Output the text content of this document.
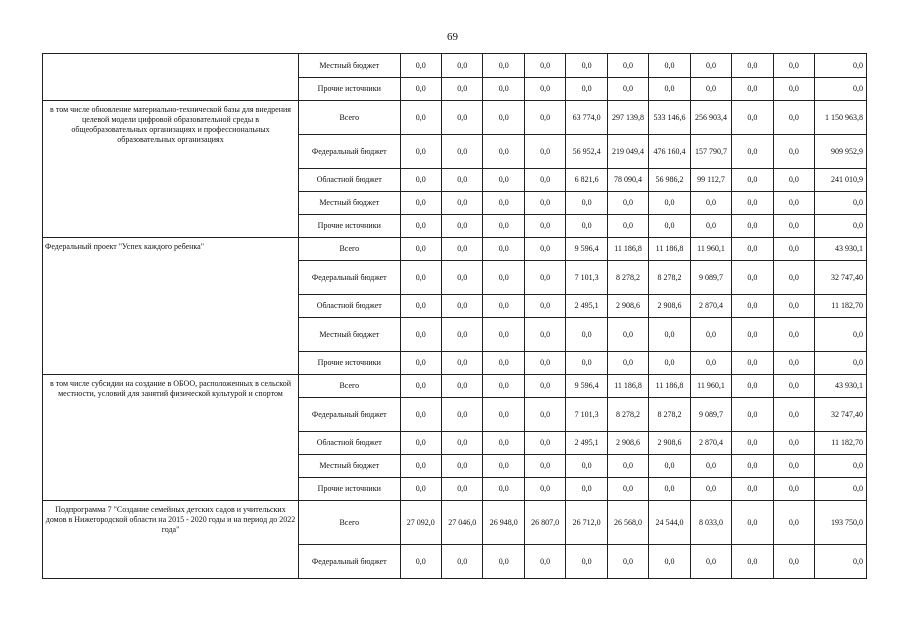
69
	Местный бюджет	0,0	0,0	0,0	0,0	0,0	0,0	0,0	0,0	0,0	0,0	0,0
	Прочие источники	0,0	0,0	0,0	0,0	0,0	0,0	0,0	0,0	0,0	0,0	0,0
в том числе обновление материально-технической базы для внедрения целевой модели цифровой образовательной среды в общеобразовательных организациях и профессиональных образовательных организациях	Всего	0,0	0,0	0,0	0,0	63 774,0	297 139,8	533 146,6	256 903,4	0,0	0,0	1 150 963,8
	Федеральный бюджет	0,0	0,0	0,0	0,0	56 952,4	219 049,4	476 160,4	157 790,7	0,0	0,0	909 952,9
	Областной бюджет	0,0	0,0	0,0	0,0	6 821,6	78 090,4	56 986,2	99 112,7	0,0	0,0	241 010,9
	Местный бюджет	0,0	0,0	0,0	0,0	0,0	0,0	0,0	0,0	0,0	0,0	0,0
	Прочие источники	0,0	0,0	0,0	0,0	0,0	0,0	0,0	0,0	0,0	0,0	0,0
Федеральный проект "Успех каждого ребенка"	Всего	0,0	0,0	0,0	0,0	9 596,4	11 186,8	11 186,8	11 960,1	0,0	0,0	43 930,1
	Федеральный бюджет	0,0	0,0	0,0	0,0	7 101,3	8 278,2	8 278,2	9 089,7	0,0	0,0	32 747,40
	Областной бюджет	0,0	0,0	0,0	0,0	2 495,1	2 908,6	2 908,6	2 870,4	0,0	0,0	11 182,70
	Местный бюджет	0,0	0,0	0,0	0,0	0,0	0,0	0,0	0,0	0,0	0,0	0,0
	Прочие источники	0,0	0,0	0,0	0,0	0,0	0,0	0,0	0,0	0,0	0,0	0,0
в том числе субсидии на создание в ОБОО, расположенных в сельской местности, условий для занятий физической культурой и спортом	Всего	0,0	0,0	0,0	0,0	9 596,4	11 186,8	11 186,8	11 960,1	0,0	0,0	43 930,1
	Федеральный бюджет	0,0	0,0	0,0	0,0	7 101,3	8 278,2	8 278,2	9 089,7	0,0	0,0	32 747,40
	Областной бюджет	0,0	0,0	0,0	0,0	2 495,1	2 908,6	2 908,6	2 870,4	0,0	0,0	11 182,70
	Местный бюджет	0,0	0,0	0,0	0,0	0,0	0,0	0,0	0,0	0,0	0,0	0,0
	Прочие источники	0,0	0,0	0,0	0,0	0,0	0,0	0,0	0,0	0,0	0,0	0,0
Подпрограмма 7 "Создание семейных детских садов и учительских домов в Нижегородской области на 2015 - 2020 годы и на период до 2022 года"	Всего	27 092,0	27 046,0	26 948,0	26 807,0	26 712,0	26 568,0	24 544,0	8 033,0	0,0	0,0	193 750,0
	Федеральный бюджет	0,0	0,0	0,0	0,0	0,0	0,0	0,0	0,0	0,0	0,0	0,0
